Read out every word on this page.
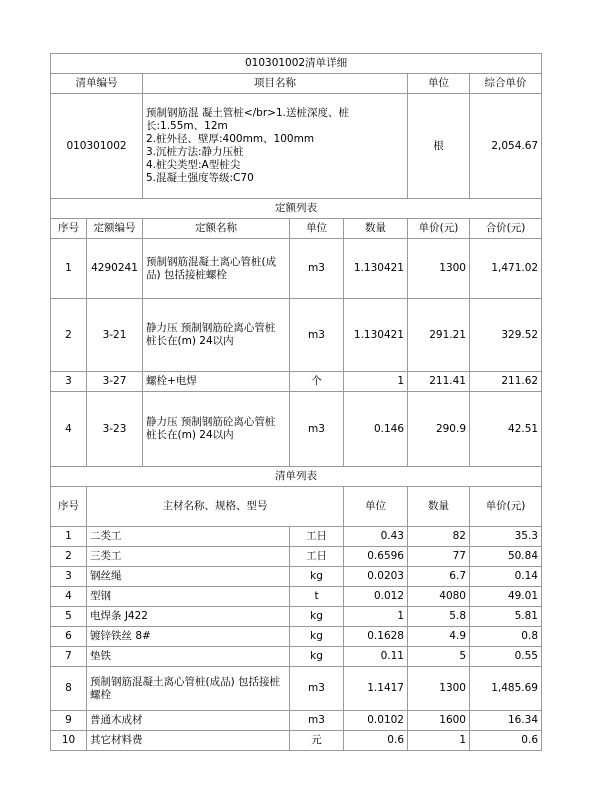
010301002清单详细							
清单编号		项目名称			单位	综合单价	
010301002		预制钢筋混 凝土管桩</br>1.送桩深度、桩长:1.55m、12m
2.桩外径、壁厚:400mm、100mm
3.沉桩方法:静力压桩
4.桩尖类型:A型桩尖
5.混凝土强度等级:C70			根	2,054.67	
定额列表							
序号	定额编号	定额名称	单位	数量	单价(元)	合价(元)	
1	4290241	预制钢筋混凝土离心管桩(成品) 包括接桩螺栓	m3	1.130421	1300	1,471.02	
2	3-21	静力压 预制钢筋砼离心管桩 桩长在(m) 24以内	m3	1.130421	291.21	329.52	
3	3-27	螺栓+电焊	个	1	211.41	211.62	
4	3-23	静力压 预制钢筋砼离心管桩 桩长在(m) 24以内	m3	0.146	290.9	42.51	
清单列表							
序号	主材名称、规格、型号			单位	数量	单价(元)	
1	二类工	工日	0.43	82	35.3
2	三类工	工日	0.6596	77	50.84
3	钢丝绳	kg	0.0203	6.7	0.14
4	型钢	t	0.012	4080	49.01
5	电焊条 J422	kg	1	5.8	5.81
6	镀锌铁丝 8#	kg	0.1628	4.9	0.8
7	垫铁	kg	0.11	5	0.55
8	预制钢筋混凝土离心管桩(成品) 包括接桩螺栓	m3	1.1417	1300	1,485.69
9	普通木成材	m3	0.0102	1600	16.34
10	其它材料费	元	0.6	1	0.6
